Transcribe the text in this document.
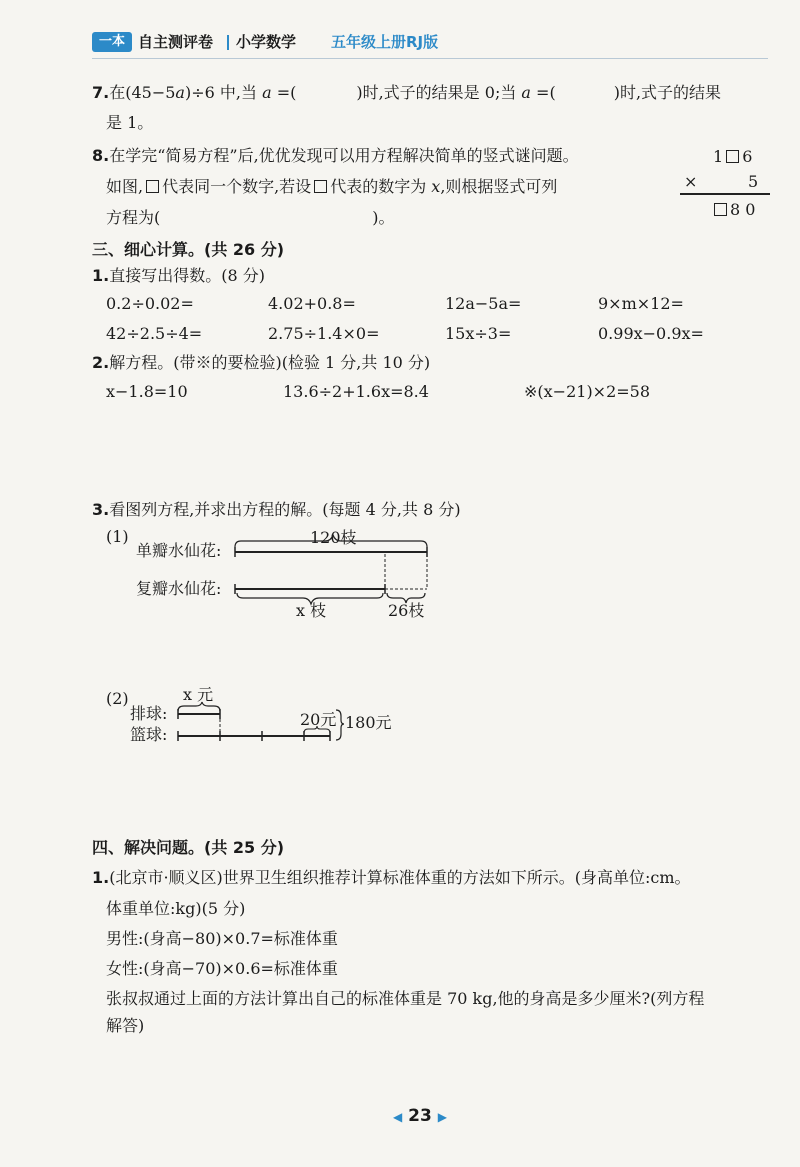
一本 自主测评卷 小学数学 五年级上册RJ版
7.在(45−5a)÷6 中,当 a =(	)时,式子的结果是 0;当 a =(	)时,式子的结果
是 1。
8.在学完“简易方程”后,优优发现可以用方程解决简单的竖式谜问题。
如图, 代表同一个数字,若设 代表的数字为 x,则根据竖式可列
方程为(	)。
1 6
×	5
8 0
三、细心计算。(共 26 分)
1.直接写出得数。(8 分)
0.2÷0.02=	4.02+0.8=	12a−5a=	9×m×12=
42÷2.5÷4=	2.75÷1.4×0=	15x÷3=	0.99x−0.9x=
2.解方程。(带※的要检验)(检验 1 分,共 10 分)
x−1.8=10	13.6÷2+1.6x=8.4	※(x−21)×2=58
3.看图列方程,并求出方程的解。(每题 4 分,共 8 分)
(1)
单瓣水仙花:
复瓣水仙花:
120枝
x 枝	26枝
(2)	x 元
排球:
篮球:
20元 180元
四、解决问题。(共 25 分)
1.(北京市·顺义区)世界卫生组织推荐计算标准体重的方法如下所示。(身高单位:cm。
体重单位:kg)(5 分)
男性:(身高−80)×0.7=标准体重
女性:(身高−70)×0.6=标准体重
张叔叔通过上面的方法计算出自己的标准体重是 70 kg,他的身高是多少厘米?(列方程
解答)
◀ 23 ▶
